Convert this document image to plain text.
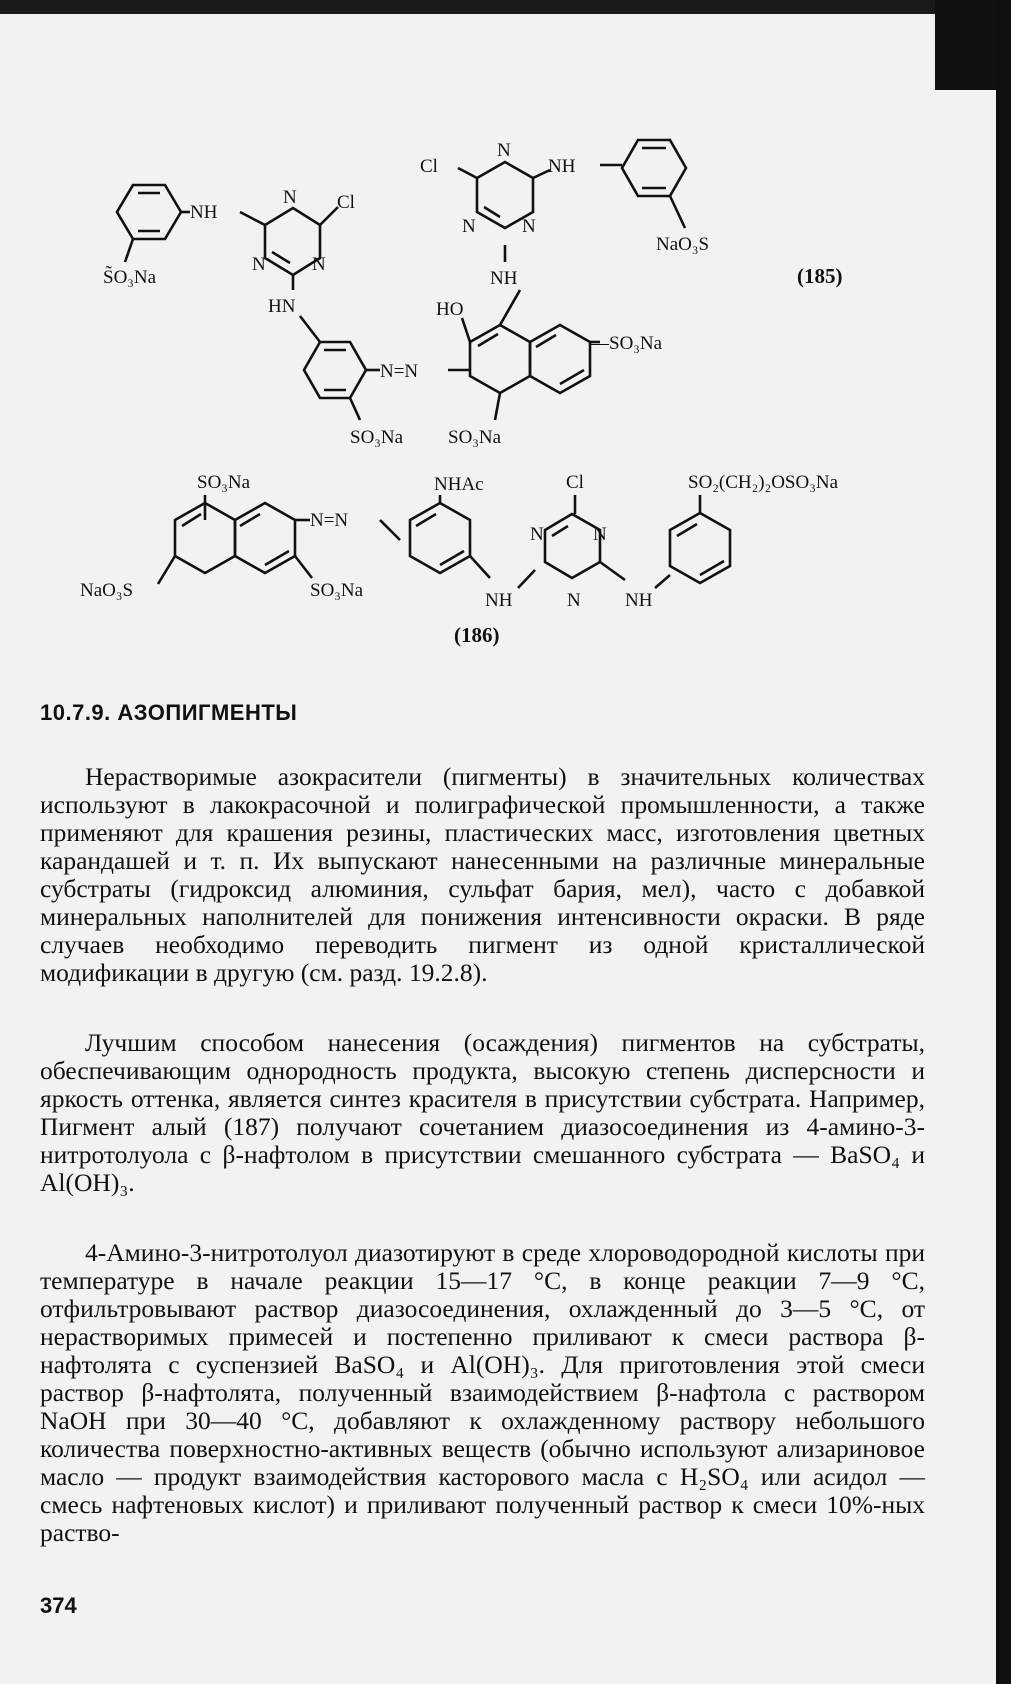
S̃O₃Na
NH
N
N N
Cl
HN
N=N
SO₃Na
HO
—SO₃Na
SO₃Na
NH
N
N N
Cl	NH
NaO₃S
(185)
SO₃Na
NaO₃S	SO₃Na
N=N
NHAc
NH
N	N
N
Cl
NH
SO₂(CH₂)₂OSO₃Na
(186)
10.7.9. АЗОПИГМЕНТЫ
Нерастворимые азокрасители (пигменты) в значительных количествах используют в лакокрасочной и полиграфической промышленности, а также применяют для крашения резины, пластических масс, изготовления цветных карандашей и т. п. Их выпускают нанесенными на различные минеральные субстраты (гидроксид алюминия, сульфат бария, мел), часто с добавкой минеральных наполнителей для понижения интенсивности окраски. В ряде случаев необходимо переводить пигмент из одной кристаллической модификации в другую (см. разд. 19.2.8).
Лучшим способом нанесения (осаждения) пигментов на субстраты, обеспечивающим однородность продукта, высокую степень дисперсности и яркость оттенка, является синтез красителя в присутствии субстрата. Например, Пигмент алый (187) получают сочетанием диазосоединения из 4-амино-3-нитротолуола с β-нафтолом в присутствии смешанного субстрата — BaSO₄ и Al(OH)₃.
4-Амино-3-нитротолуол диазотируют в среде хлороводородной кислоты при температуре в начале реакции 15—17 °С, в конце реакции 7—9 °С, отфильтровывают раствор диазосоединения, охлажденный до 3—5 °С, от нерастворимых примесей и постепенно приливают к смеси раствора β-нафтолята с суспензией BaSO₄ и Al(OH)₃. Для приготовления этой смеси раствор β-нафтолята, полученный взаимодействием β-нафтола с раствором NaOH при 30—40 °С, добавляют к охлажденному раствору небольшого количества поверхностно-активных веществ (обычно используют ализариновое масло — продукт взаимодействия касторового масла с H₂SO₄ или асидол — смесь нафтеновых кислот) и приливают полученный раствор к смеси 10%-ных раство-
374
